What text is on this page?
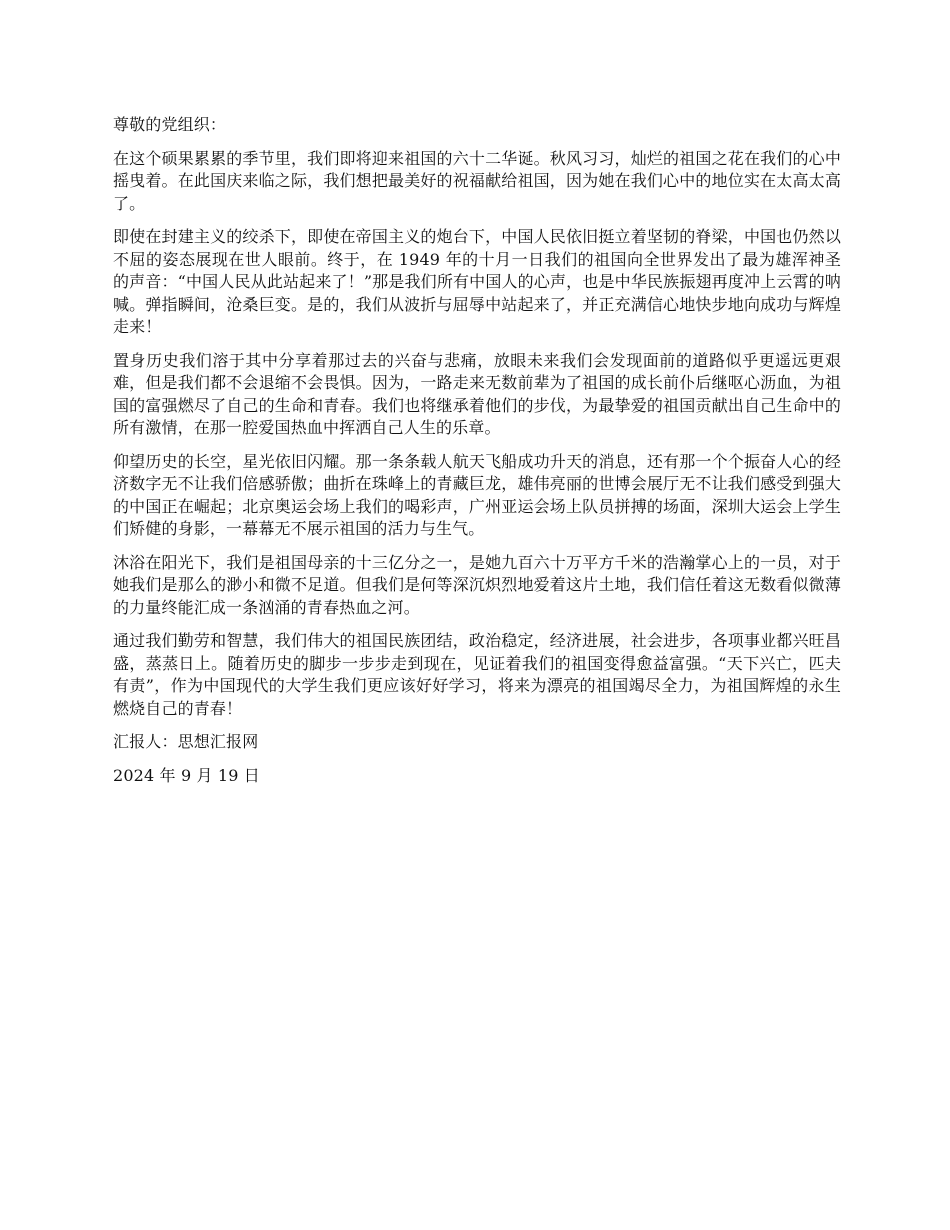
尊敬的党组织：

在这个硕果累累的季节里，我们即将迎来祖国的六十二华诞。秋风习习，灿烂的祖国之花在我们的心中摇曳着。在此国庆来临之际，我们想把最美好的祝福献给祖国，因为她在我们心中的地位实在太高太高了。

即使在封建主义的绞杀下，即使在帝国主义的炮台下，中国人民依旧挺立着坚韧的脊梁，中国也仍然以不屈的姿态展现在世人眼前。终于，在 1949 年的十月一日我们的祖国向全世界发出了最为雄浑神圣的声音：“中国人民从此站起来了！”那是我们所有中国人的心声，也是中华民族振翅再度冲上云霄的呐喊。弹指瞬间，沧桑巨变。是的，我们从波折与屈辱中站起来了，并正充满信心地快步地向成功与辉煌走来！

置身历史我们溶于其中分享着那过去的兴奋与悲痛，放眼未来我们会发现面前的道路似乎更遥远更艰难，但是我们都不会退缩不会畏惧。因为，一路走来无数前辈为了祖国的成长前仆后继呕心沥血，为祖国的富强燃尽了自己的生命和青春。我们也将继承着他们的步伐，为最挚爱的祖国贡献出自己生命中的所有激情，在那一腔爱国热血中挥洒自己人生的乐章。

仰望历史的长空，星光依旧闪耀。那一条条载人航天飞船成功升天的消息，还有那一个个振奋人心的经济数字无不让我们倍感骄傲；曲折在珠峰上的青藏巨龙，雄伟亮丽的世博会展厅无不让我们感受到强大的中国正在崛起；北京奥运会场上我们的喝彩声，广州亚运会场上队员拼搏的场面，深圳大运会上学生们矫健的身影，一幕幕无不展示祖国的活力与生气。

沐浴在阳光下，我们是祖国母亲的十三亿分之一，是她九百六十万平方千米的浩瀚掌心上的一员，对于她我们是那么的渺小和微不足道。但我们是何等深沉炽烈地爱着这片土地，我们信任着这无数看似微薄的力量终能汇成一条汹涌的青春热血之河。

通过我们勤劳和智慧，我们伟大的祖国民族团结，政治稳定，经济进展，社会进步，各项事业都兴旺昌盛，蒸蒸日上。随着历史的脚步一步步走到现在，见证着我们的祖国变得愈益富强。“天下兴亡，匹夫有责”，作为中国现代的大学生我们更应该好好学习，将来为漂亮的祖国竭尽全力，为祖国辉煌的永生燃烧自己的青春！

汇报人：思想汇报网

2024 年 9 月 19 日
